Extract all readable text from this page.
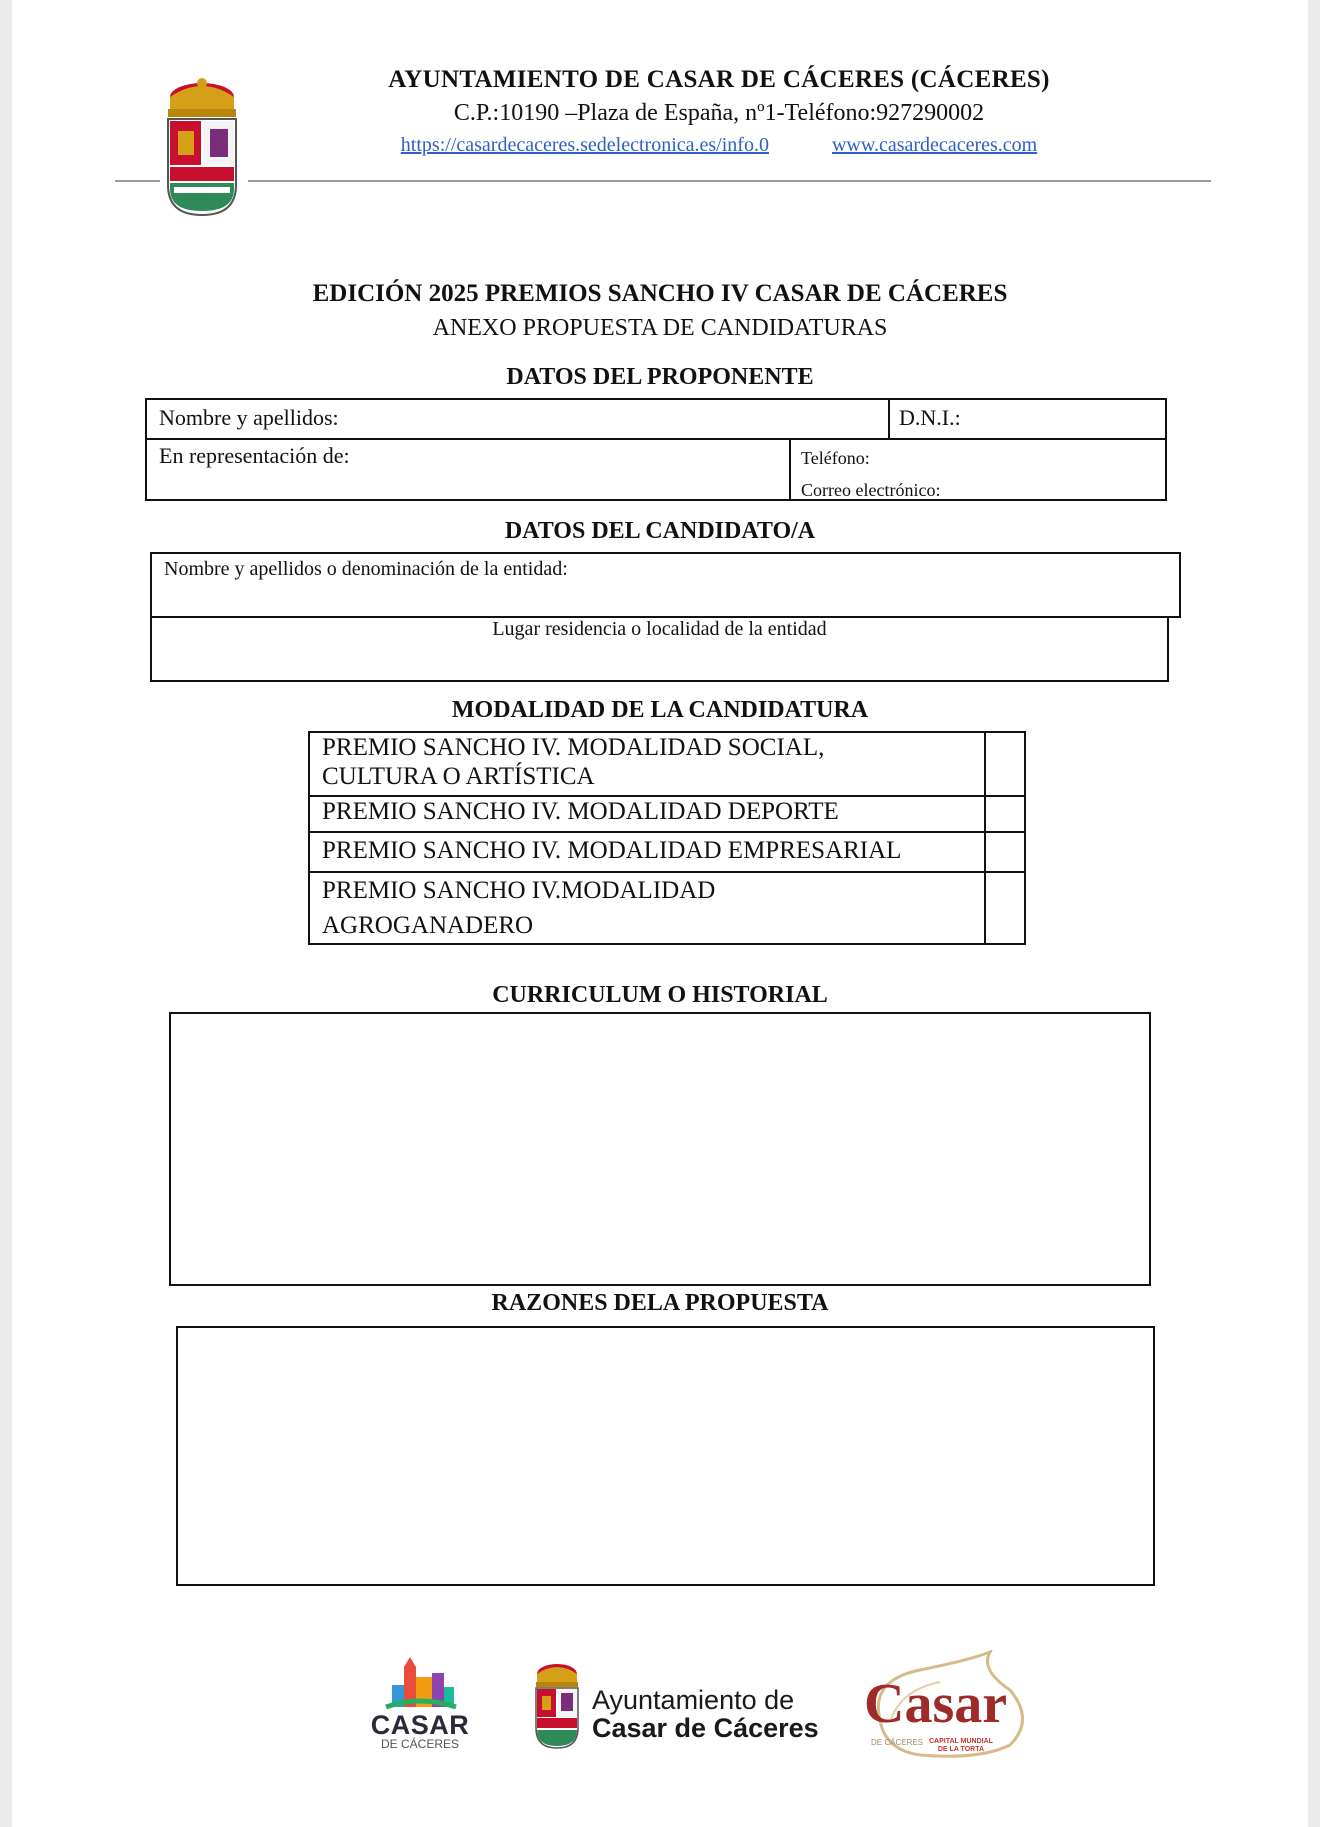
AYUNTAMIENTO DE CASAR DE CÁCERES (CÁCERES)
C.P.:10190 –Plaza de España, nº1-Teléfono:927290002
https://casardecaceres.sedelectronica.es/info.0	www.casardecaceres.com
EDICIÓN 2025 PREMIOS SANCHO IV CASAR DE CÁCERES
ANEXO PROPUESTA DE CANDIDATURAS
DATOS DEL PROPONENTE
Nombre y apellidos:	D.N.I.:
En representación de:	Teléfono:
Correo electrónico:
DATOS DEL CANDIDATO/A
Nombre y apellidos o denominación de la entidad:
Lugar residencia o localidad de la entidad
MODALIDAD DE LA CANDIDATURA
PREMIO SANCHO IV. MODALIDAD SOCIAL,
CULTURA O ARTÍSTICA	

PREMIO SANCHO IV. MODALIDAD DEPORTE	

PREMIO SANCHO IV. MODALIDAD EMPRESARIAL	

PREMIO SANCHO IV.MODALIDAD
AGROGANADERO	

CURRICULUM O HISTORIAL
RAZONES DELA PROPUESTA
CASAR
DE CÁCERES
Ayuntamiento de
Casar de Cáceres Casar
DE CÁCERES CAPITAL MUNDIAL
DE LA TORTA
